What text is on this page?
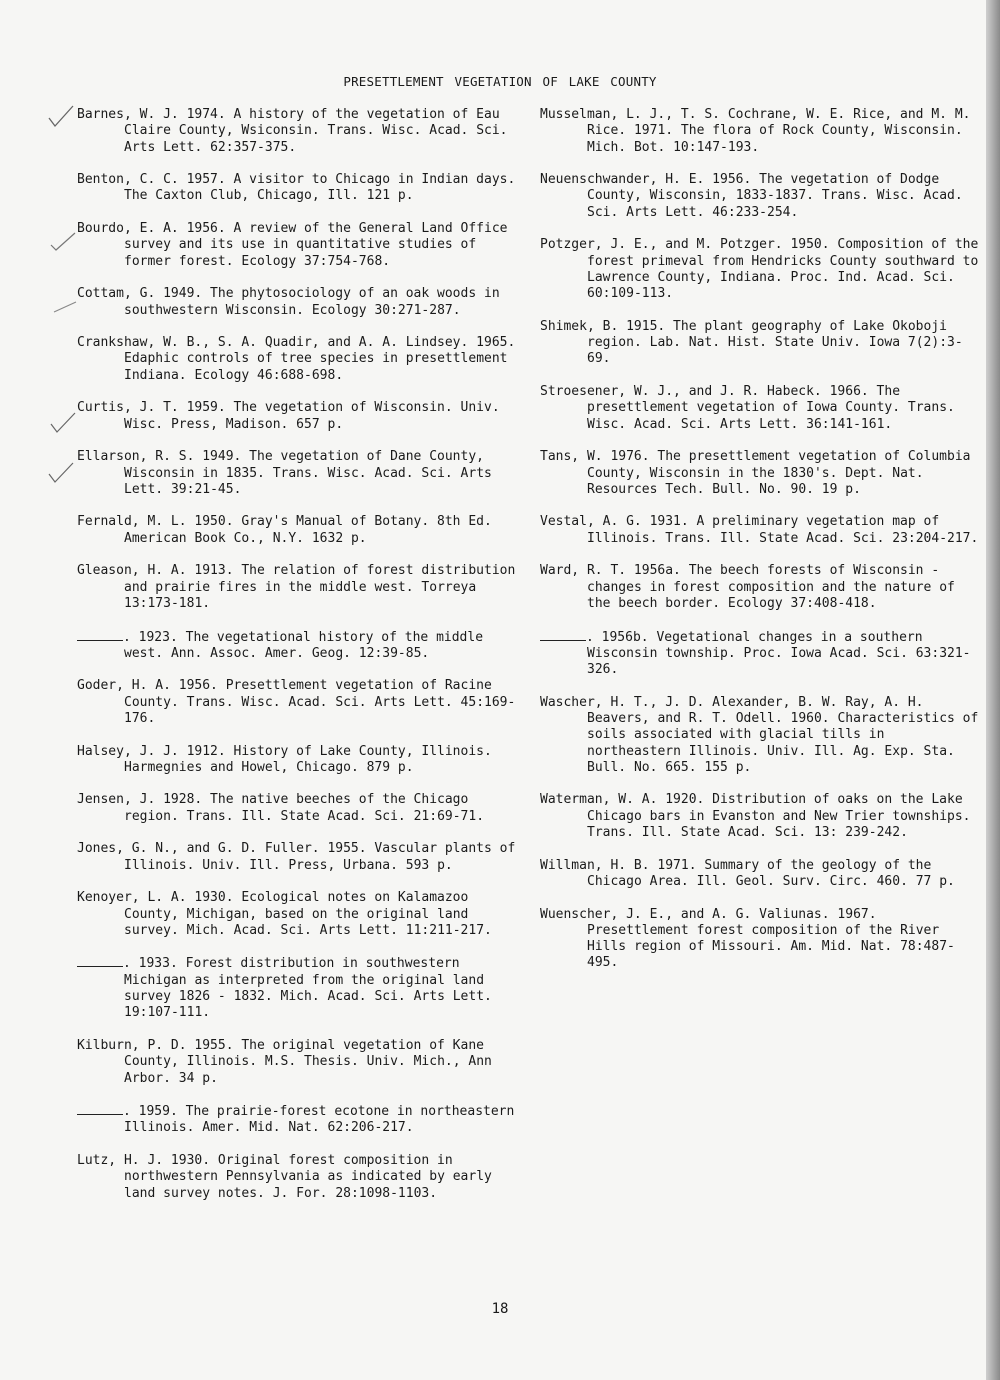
PRESETTLEMENT VEGETATION OF LAKE COUNTY
Barnes, W. J. 1974. A history of the vegetation of Eau Claire County, Wsiconsin. Trans. Wisc. Acad. Sci. Arts Lett. 62:357-375.
Benton, C. C. 1957. A visitor to Chicago in Indian days. The Caxton Club, Chicago, Ill. 121 p.
Bourdo, E. A. 1956. A review of the General Land Office survey and its use in quantitative studies of former forest. Ecology 37:754-768.
Cottam, G. 1949. The phytosociology of an oak woods in southwestern Wisconsin. Ecology 30:271-287.
Crankshaw, W. B., S. A. Quadir, and A. A. Lindsey. 1965. Edaphic controls of tree species in presettlement Indiana. Ecology 46:688-698.
Curtis, J. T. 1959. The vegetation of Wisconsin. Univ. Wisc. Press, Madison. 657 p.
Ellarson, R. S. 1949. The vegetation of Dane County, Wisconsin in 1835. Trans. Wisc. Acad. Sci. Arts Lett. 39:21-45.
Fernald, M. L. 1950. Gray's Manual of Botany. 8th Ed. American Book Co., N.Y. 1632 p.
Gleason, H. A. 1913. The relation of forest distribution and prairie fires in the middle west. Torreya 13:173-181.
. 1923. The vegetational history of the middle west. Ann. Assoc. Amer. Geog. 12:39-85.
Goder, H. A. 1956. Presettlement vegetation of Racine County. Trans. Wisc. Acad. Sci. Arts Lett. 45:169-176.
Halsey, J. J. 1912. History of Lake County, Illinois. Harmegnies and Howel, Chicago. 879 p.
Jensen, J. 1928. The native beeches of the Chicago region. Trans. Ill. State Acad. Sci. 21:69-71.
Jones, G. N., and G. D. Fuller. 1955. Vascular plants of Illinois. Univ. Ill. Press, Urbana. 593 p.
Kenoyer, L. A. 1930. Ecological notes on Kalamazoo County, Michigan, based on the original land survey. Mich. Acad. Sci. Arts Lett. 11:211-217.
. 1933. Forest distribution in southwestern Michigan as interpreted from the original land survey 1826 - 1832. Mich. Acad. Sci. Arts Lett. 19:107-111.
Kilburn, P. D. 1955. The original vegetation of Kane County, Illinois. M.S. Thesis. Univ. Mich., Ann Arbor. 34 p.
. 1959. The prairie-forest ecotone in northeastern Illinois. Amer. Mid. Nat. 62:206-217.
Lutz, H. J. 1930. Original forest composition in northwestern Pennsylvania as indicated by early land survey notes. J. For. 28:1098-1103.
Musselman, L. J., T. S. Cochrane, W. E. Rice, and M. M. Rice. 1971. The flora of Rock County, Wisconsin. Mich. Bot. 10:147-193.
Neuenschwander, H. E. 1956. The vegetation of Dodge County, Wisconsin, 1833-1837. Trans. Wisc. Acad. Sci. Arts Lett. 46:233-254.
Potzger, J. E., and M. Potzger. 1950. Composition of the forest primeval from Hendricks County southward to Lawrence County, Indiana. Proc. Ind. Acad. Sci. 60:109-113.
Shimek, B. 1915. The plant geography of Lake Okoboji region. Lab. Nat. Hist. State Univ. Iowa 7(2):3-69.
Stroesener, W. J., and J. R. Habeck. 1966. The presettlement vegetation of Iowa County. Trans. Wisc. Acad. Sci. Arts Lett. 36:141-161.
Tans, W. 1976. The presettlement vegetation of Columbia County, Wisconsin in the 1830's. Dept. Nat. Resources Tech. Bull. No. 90. 19 p.
Vestal, A. G. 1931. A preliminary vegetation map of Illinois. Trans. Ill. State Acad. Sci. 23:204-217.
Ward, R. T. 1956a. The beech forests of Wisconsin - changes in forest composition and the nature of the beech border. Ecology 37:408-418.
. 1956b. Vegetational changes in a southern Wisconsin township. Proc. Iowa Acad. Sci. 63:321-326.
Wascher, H. T., J. D. Alexander, B. W. Ray, A. H. Beavers, and R. T. Odell. 1960. Characteristics of soils associated with glacial tills in northeastern Illinois. Univ. Ill. Ag. Exp. Sta. Bull. No. 665. 155 p.
Waterman, W. A. 1920. Distribution of oaks on the Lake Chicago bars in Evanston and New Trier townships. Trans. Ill. State Acad. Sci. 13: 239-242.
Willman, H. B. 1971. Summary of the geology of the Chicago Area. Ill. Geol. Surv. Circ. 460. 77 p.
Wuenscher, J. E., and A. G. Valiunas. 1967. Presettlement forest composition of the River Hills region of Missouri. Am. Mid. Nat. 78:487-495.
18
